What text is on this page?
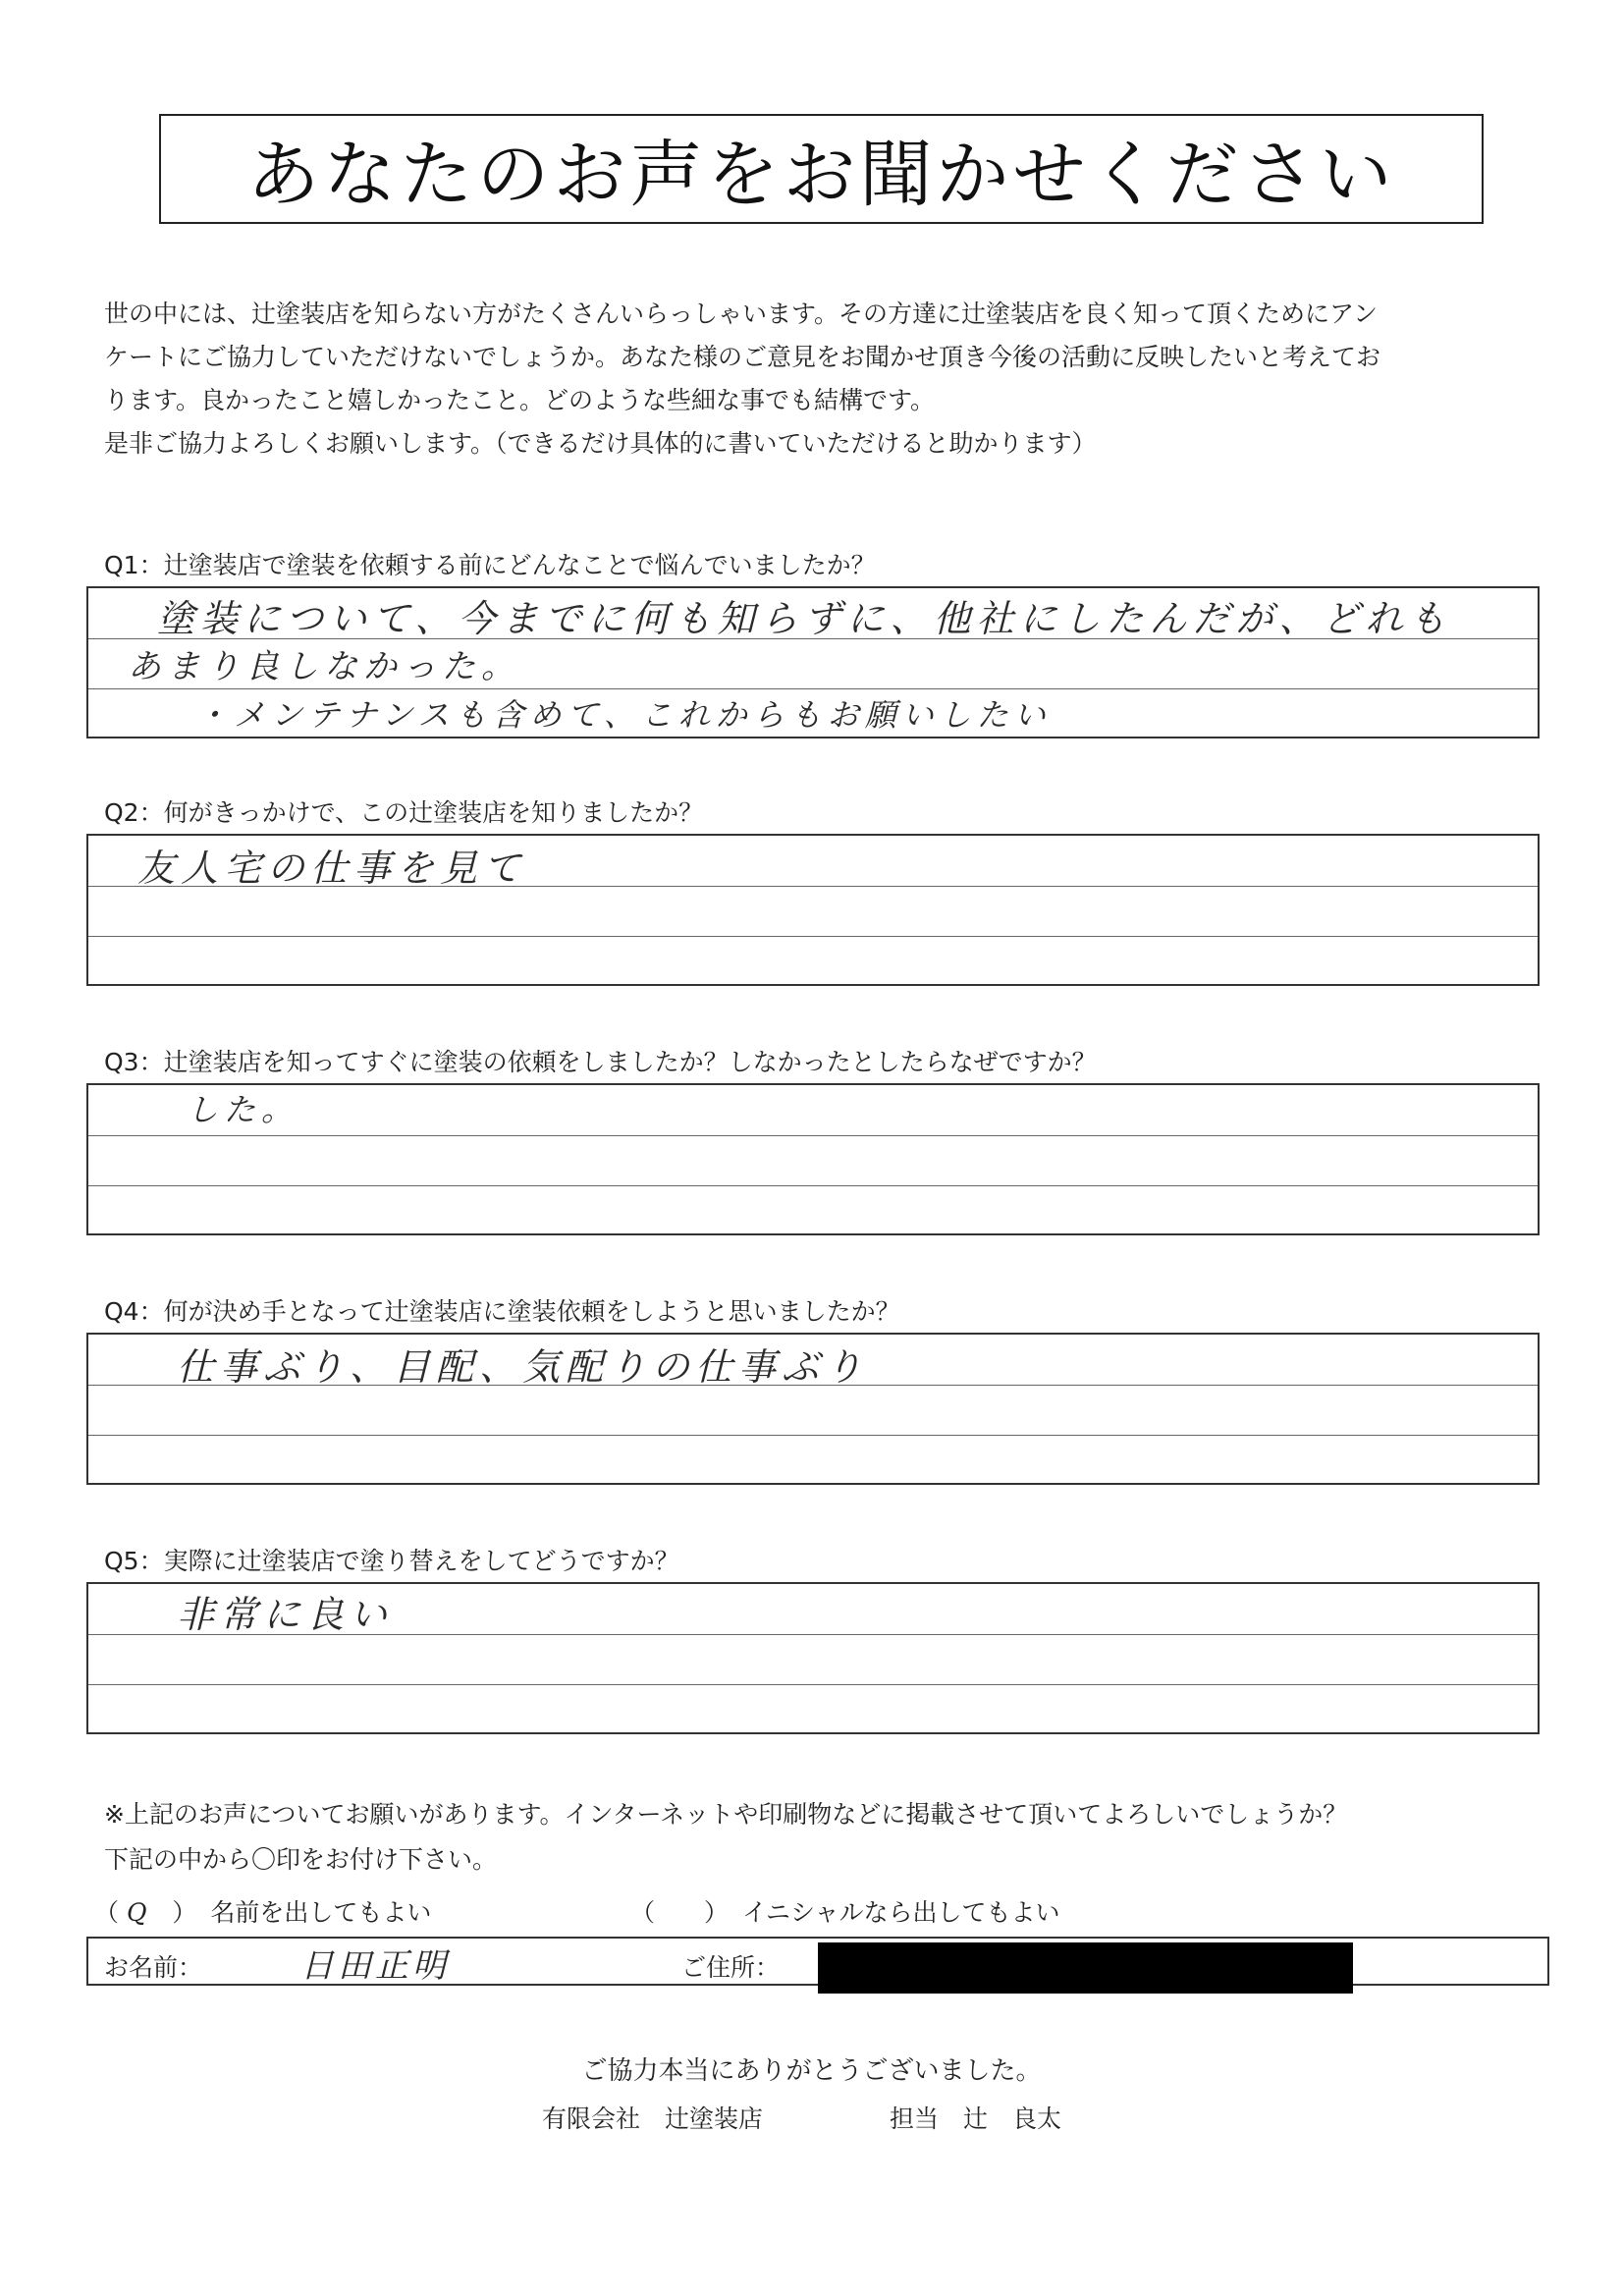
あなたのお声をお聞かせください
世の中には、辻塗装店を知らない方がたくさんいらっしゃいます。その方達に辻塗装店を良く知って頂くためにアン
ケートにご協力していただけないでしょうか。あなた様のご意見をお聞かせ頂き今後の活動に反映したいと考えてお
ります。良かったこと嬉しかったこと。どのような些細な事でも結構です。
是非ご協力よろしくお願いします。（できるだけ具体的に書いていただけると助かります）
Q1：辻塗装店で塗装を依頼する前にどんなことで悩んでいましたか？
塗装について、今までに何も知らずに、他社にしたんだが、どれも
あまり良しなかった。
・メンテナンスも含めて、これからもお願いしたい
Q2：何がきっかけで、この辻塗装店を知りましたか？
友人宅の仕事を見て
Q3：辻塗装店を知ってすぐに塗装の依頼をしましたか？しなかったとしたらなぜですか？
した。
Q4：何が決め手となって辻塗装店に塗装依頼をしようと思いましたか？
仕事ぶり、目配、気配りの仕事ぶり
Q5：実際に辻塗装店で塗り替えをしてどうですか？
非常に良い
※上記のお声についてお願いがあります。インターネットや印刷物などに掲載させて頂いてよろしいでしょうか？
下記の中から〇印をお付け下さい。
（ Q ） 名前を出してもよい	（ ） イニシャルなら出してもよい
お名前：	日田正明	ご住所：
ご協力本当にありがとうございました。
有限会社　辻塗装店	担当　辻　良太
